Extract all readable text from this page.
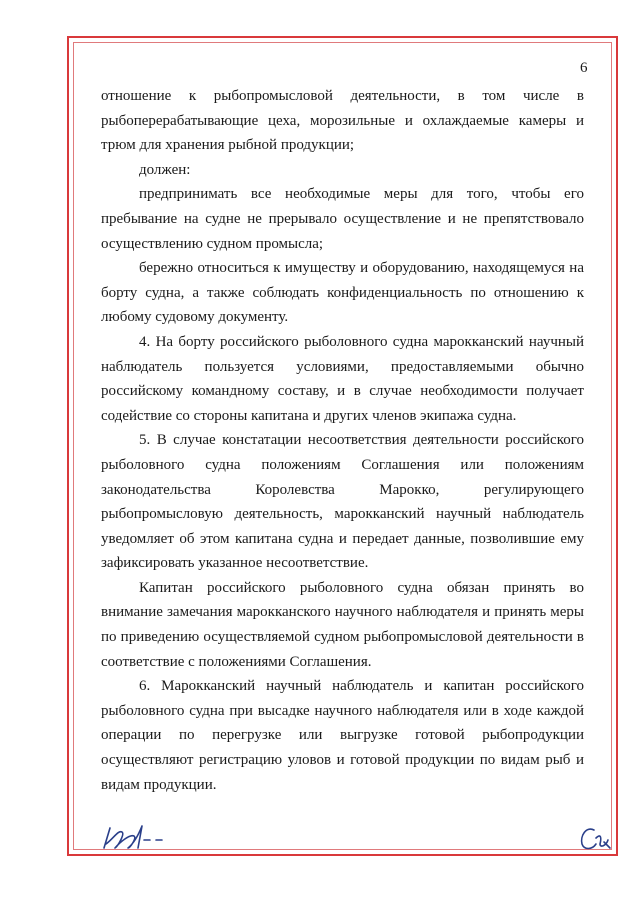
6

отношение к рыбопромысловой деятельности, в том числе в рыбоперерабатывающие цеха, морозильные и охлаждаемые камеры и трюм для хранения рыбной продукции;

должен:

предпринимать все необходимые меры для того, чтобы его пребывание на судне не прерывало осуществление и не препятствовало осуществлению судном промысла;

бережно относиться к имуществу и оборудованию, находящемуся на борту судна, а также соблюдать конфиденциальность по отношению к любому судовому документу.

4. На борту российского рыболовного судна марокканский научный наблюдатель пользуется условиями, предоставляемыми обычно российскому командному составу, и в случае необходимости получает содействие со стороны капитана и других членов экипажа судна.

5. В случае констатации несоответствия деятельности российского рыболовного судна положениям Соглашения или положениям законодательства Королевства Марокко, регулирующего рыбопромысловую деятельность, марокканский научный наблюдатель уведомляет об этом капитана судна и передает данные, позволившие ему зафиксировать указанное несоответствие.

Капитан российского рыболовного судна обязан принять во внимание замечания марокканского научного наблюдателя и принять меры по приведению осуществляемой судном рыбопромысловой деятельности в соответствие с положениями Соглашения.

6. Марокканский научный наблюдатель и капитан российского рыболовного судна при высадке научного наблюдателя или в ходе каждой операции по перегрузке или выгрузке готовой рыбопродукции осуществляют регистрацию уловов и готовой продукции по видам рыб и видам продукции.
